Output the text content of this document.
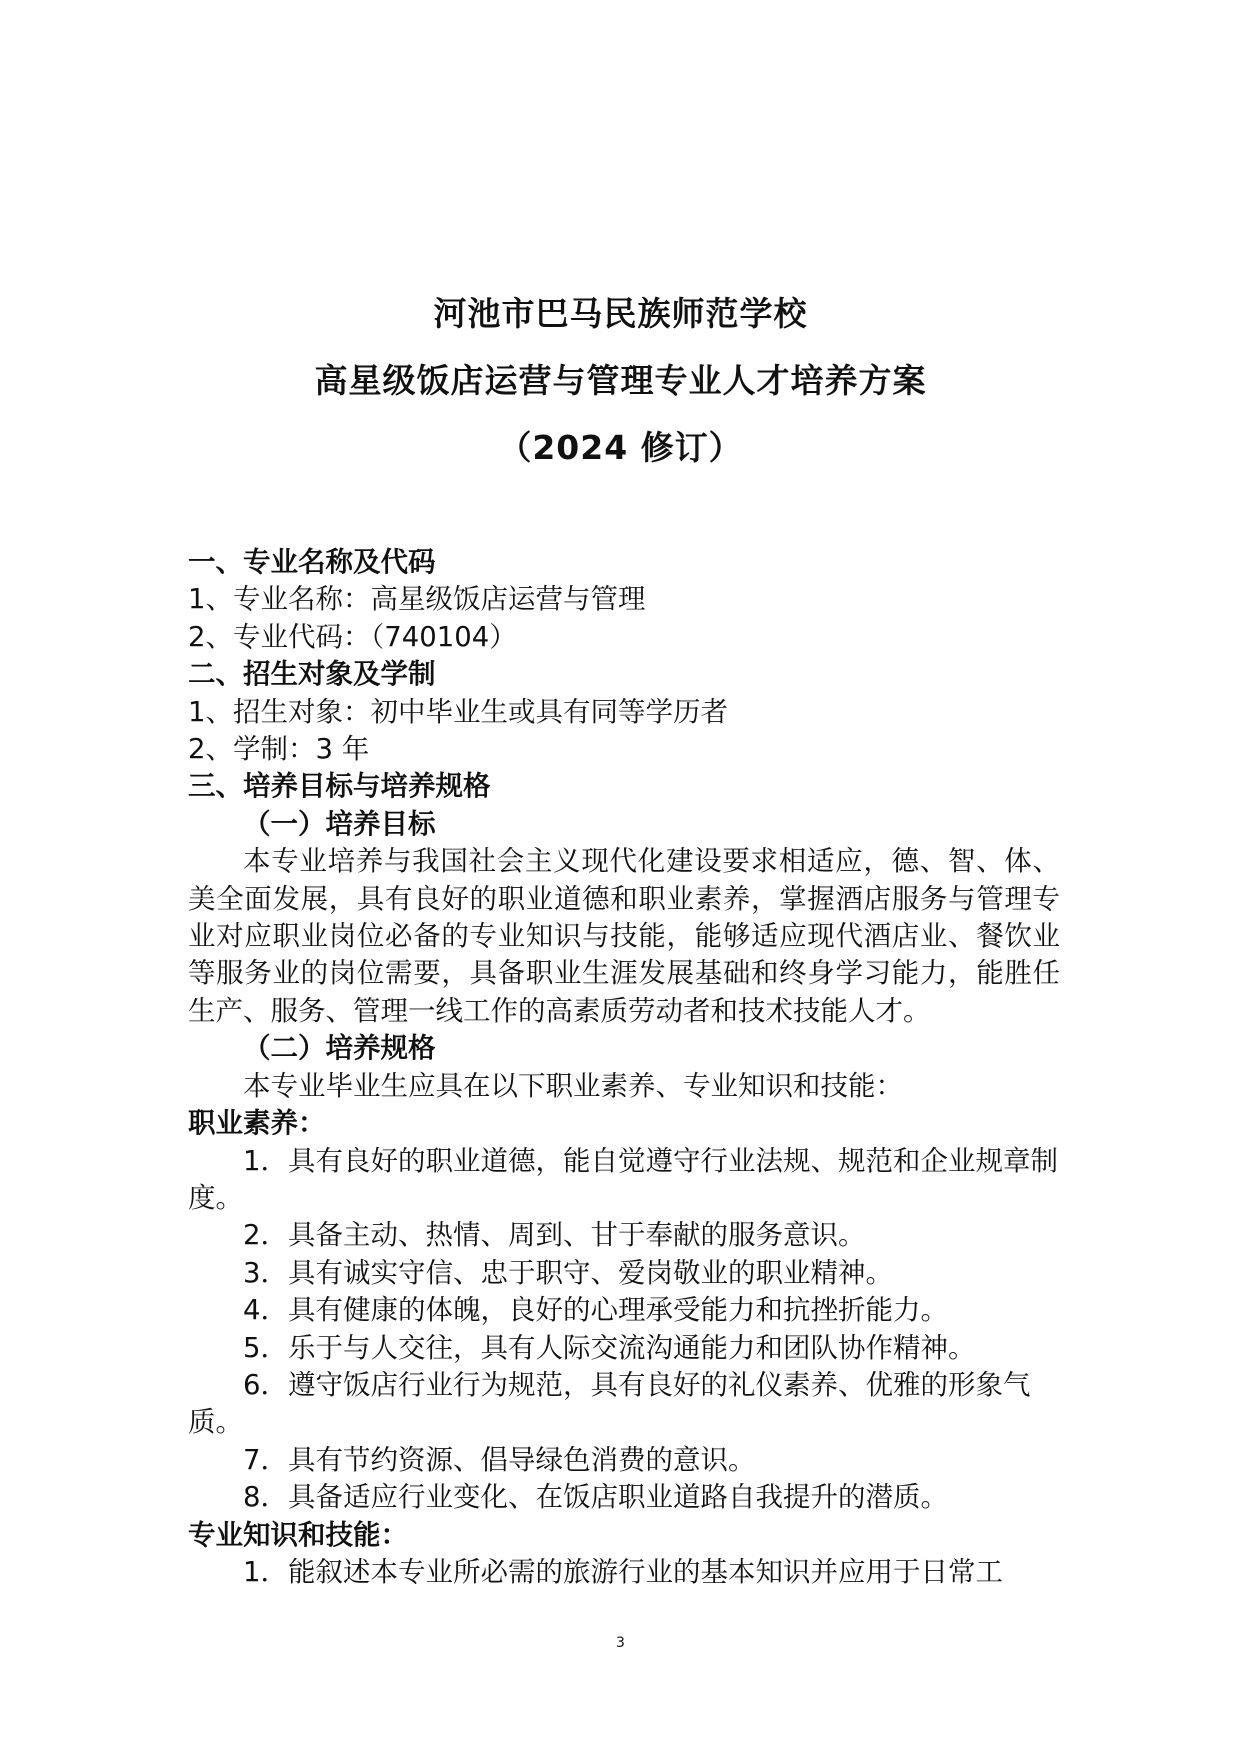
河池市巴马民族师范学校
高星级饭店运营与管理专业人才培养方案
（2024 修订）

一、专业名称及代码

1、专业名称：高星级饭店运营与管理

2、专业代码：（740104）

二、招生对象及学制

1、招生对象：初中毕业生或具有同等学历者

2、学制：3 年

三、培养目标与培养规格

（一）培养目标

本专业培养与我国社会主义现代化建设要求相适应，德、智、体、美全面发展，具有良好的职业道德和职业素养，掌握酒店服务与管理专业对应职业岗位必备的专业知识与技能，能够适应现代酒店业、餐饮业等服务业的岗位需要，具备职业生涯发展基础和终身学习能力，能胜任生产、服务、管理一线工作的高素质劳动者和技术技能人才。

（二）培养规格

本专业毕业生应具在以下职业素养、专业知识和技能：

职业素养：

1．具有良好的职业道德，能自觉遵守行业法规、规范和企业规章制度。

2．具备主动、热情、周到、甘于奉献的服务意识。

3．具有诚实守信、忠于职守、爱岗敬业的职业精神。

4．具有健康的体魄，良好的心理承受能力和抗挫折能力。

5．乐于与人交往，具有人际交流沟通能力和团队协作精神。

6．遵守饭店行业行为规范，具有良好的礼仪素养、优雅的形象气质。

7．具有节约资源、倡导绿色消费的意识。

8．具备适应行业变化、在饭店职业道路自我提升的潜质。

专业知识和技能：

1．能叙述本专业所必需的旅游行业的基本知识并应用于日常工

3
